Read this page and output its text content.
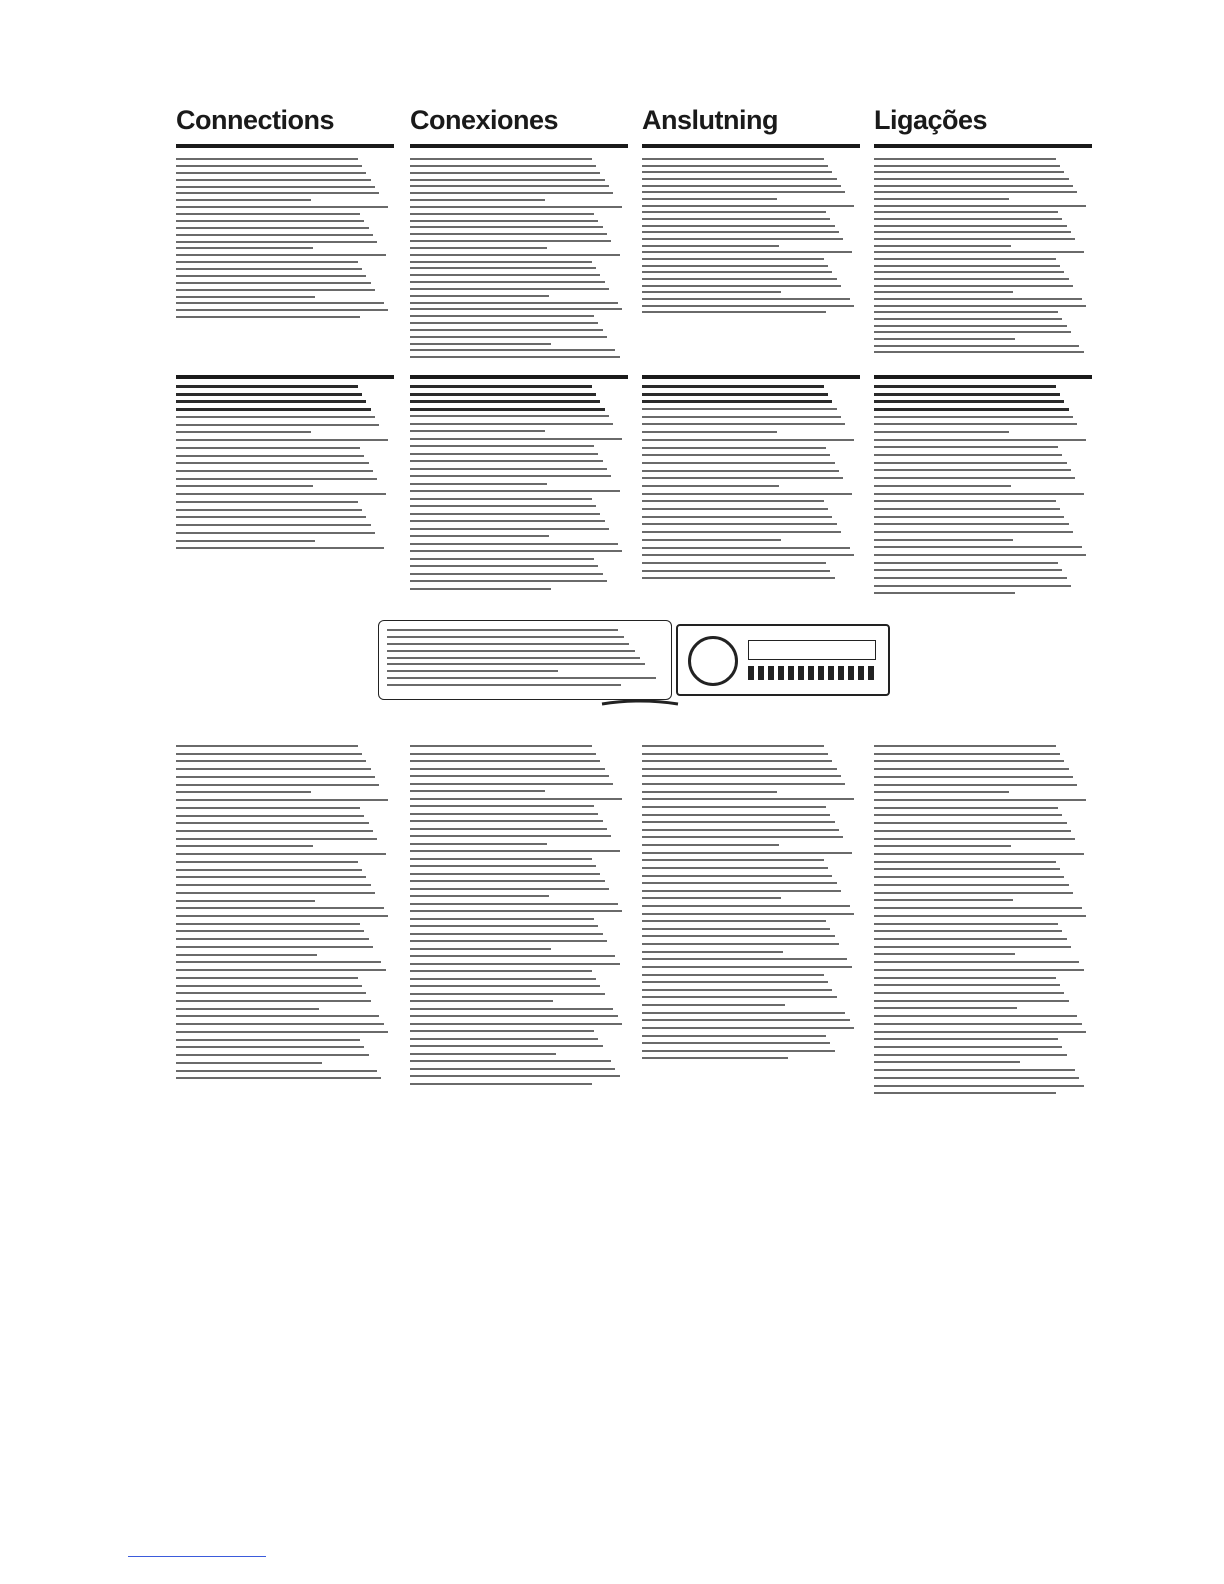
Connections	Conexiones	Anslutning	Ligações
